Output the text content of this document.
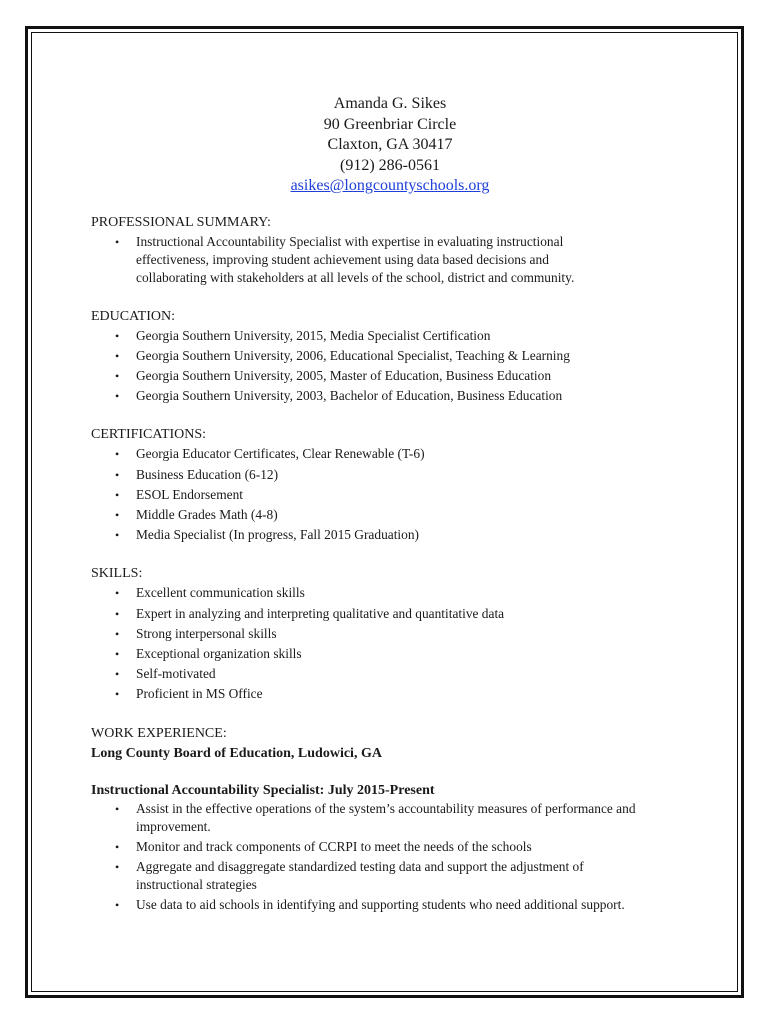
Amanda G. Sikes
90 Greenbriar Circle
Claxton, GA 30417
(912) 286-0561
asikes@longcountyschools.org
PROFESSIONAL SUMMARY:
• Instructional Accountability Specialist with expertise in evaluating instructional effectiveness, improving student achievement using data based decisions and collaborating with stakeholders at all levels of the school, district and community.
EDUCATION:
• Georgia Southern University, 2015, Media Specialist Certification
• Georgia Southern University, 2006, Educational Specialist, Teaching & Learning
• Georgia Southern University, 2005, Master of Education, Business Education
• Georgia Southern University, 2003, Bachelor of Education, Business Education
CERTIFICATIONS:
• Georgia Educator Certificates, Clear Renewable (T-6)
• Business Education (6-12)
• ESOL Endorsement
• Middle Grades Math (4-8)
• Media Specialist (In progress, Fall 2015 Graduation)
SKILLS:
• Excellent communication skills
• Expert in analyzing and interpreting qualitative and quantitative data
• Strong interpersonal skills
• Exceptional organization skills
• Self-motivated
• Proficient in MS Office
WORK EXPERIENCE:
Long County Board of Education, Ludowici, GA
Instructional Accountability Specialist: July 2015-Present
• Assist in the effective operations of the system’s accountability measures of performance and improvement.
• Monitor and track components of CCRPI to meet the needs of the schools
• Aggregate and disaggregate standardized testing data and support the adjustment of instructional strategies
• Use data to aid schools in identifying and supporting students who need additional support.
